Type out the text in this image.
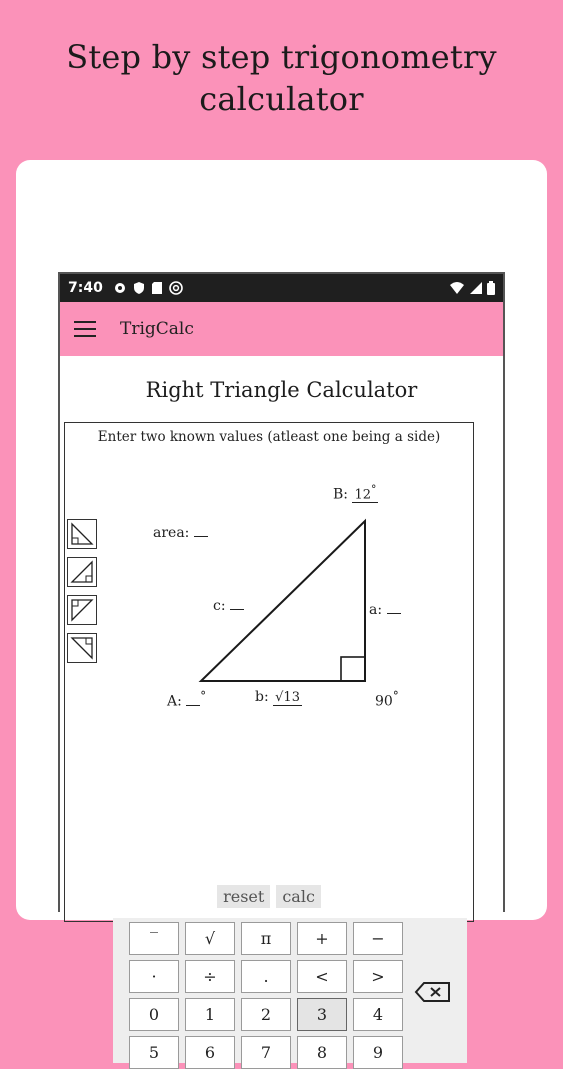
Step by step trigonometry
calculator
7:40
TrigCalc
Right Triangle Calculator
Enter two known values (atleast one being a side)
B: 12°
area:
c:	a:
A: °	b: √13	90°
reset	calc
‾	√	π	+	−
·	÷	.	<	>
0	1	2	3	4
5	6	7	8	9
